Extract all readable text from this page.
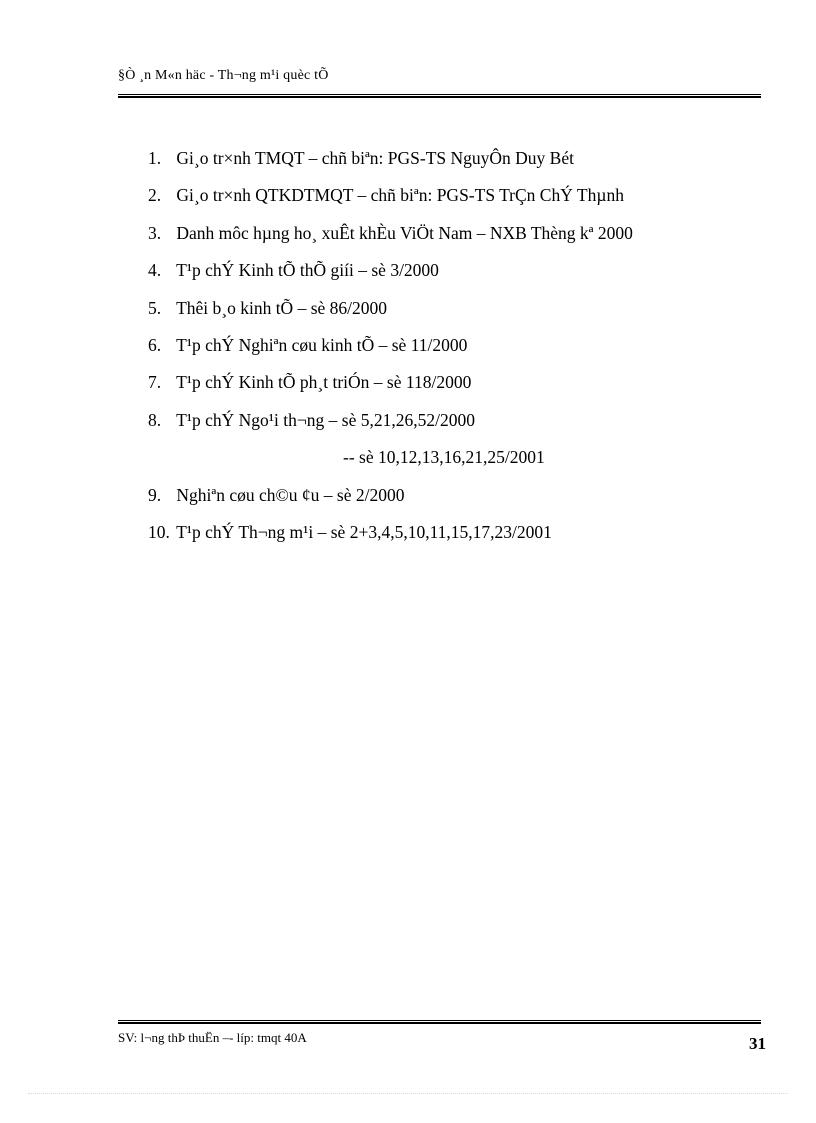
§Ò ¸n M«n häc - Th¬ng m¹i quèc tÕ
1. Gi¸o tr×nh TMQT – chñ biªn: PGS-TS NguyÔn Duy Bét
2. Gi¸o tr×nh QTKDTMQT – chñ biªn: PGS-TS TrÇn ChÝ Thµnh
3. Danh môc hµng ho¸ xuÊt khÈu ViÖt Nam – NXB Thèng kª 2000
4. T¹p chÝ Kinh tÕ thÕ giíi – sè 3/2000
5. Thêi b¸o kinh tÕ – sè 86/2000
6. T¹p chÝ Nghiªn cøu kinh tÕ – sè 11/2000
7. T¹p chÝ Kinh tÕ ph¸t triÓn – sè 118/2000
8. T¹p chÝ Ngo¹i th¬ng – sè 5,21,26,52/2000
-- sè 10,12,13,16,21,25/2001
9. Nghiªn cøu ch©u ¢u – sè 2/2000
10. T¹p chÝ Th¬ng m¹i – sè 2+3,4,5,10,11,15,17,23/2001
SV: l¬ng thÞ thuËn –- líp: tmqt 40A	31
